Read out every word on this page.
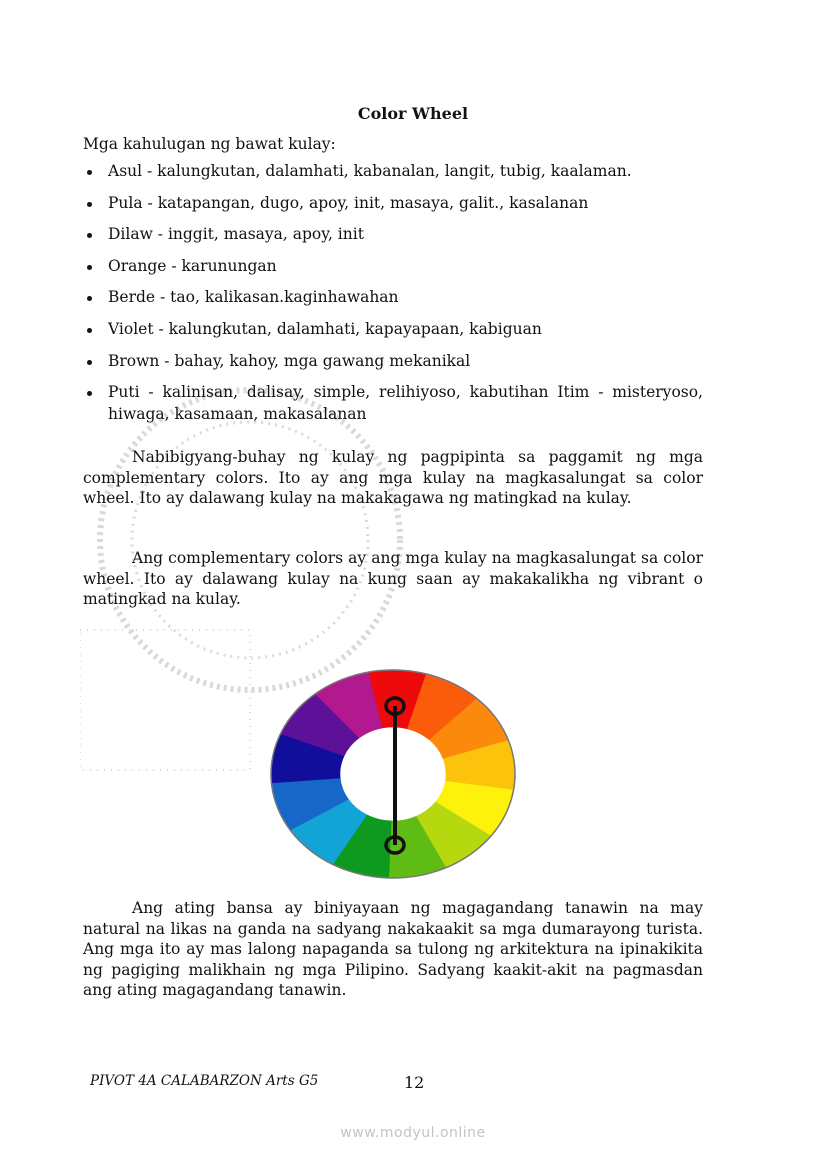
Color Wheel
Mga kahulugan ng bawat kulay:
Asul - kalungkutan, dalamhati, kabanalan, langit, tubig, kaalaman.
Pula - katapangan, dugo, apoy, init, masaya, galit., kasalanan
Dilaw - inggit, masaya, apoy, init
Orange - karunungan
Berde - tao, kalikasan.kaginhawahan
Violet - kalungkutan, dalamhati, kapayapaan, kabiguan
Brown - bahay, kahoy, mga gawang mekanikal
Puti - kalinisan, dalisay, simple, relihiyoso, kabutihan Itim - misteryoso, hiwaga, kasamaan, makasalanan

Nabibigyang-buhay ng kulay ng pagpipinta sa paggamit ng mga complementary colors. Ito ay ang mga kulay na magkasalungat sa color wheel. Ito ay dalawang kulay na makakagawa ng matingkad na kulay.

Ang complementary colors ay ang mga kulay na magkasalungat sa color wheel. Ito ay dalawang kulay na kung saan ay makakalikha ng vibrant o matingkad na kulay.

Ang ating bansa ay biniyayaan ng magagandang tanawin na may natural na likas na ganda na sadyang nakakaakit sa mga dumarayong turista. Ang mga ito ay mas lalong napaganda sa tulong ng arkitektura na ipinakikita ng pagiging malikhain ng mga Pilipino. Sadyang kaakit-akit na pagmasdan ang ating magagandang tanawin.

PIVOT 4A CALABARZON Arts G5	12
www.modyul.online
